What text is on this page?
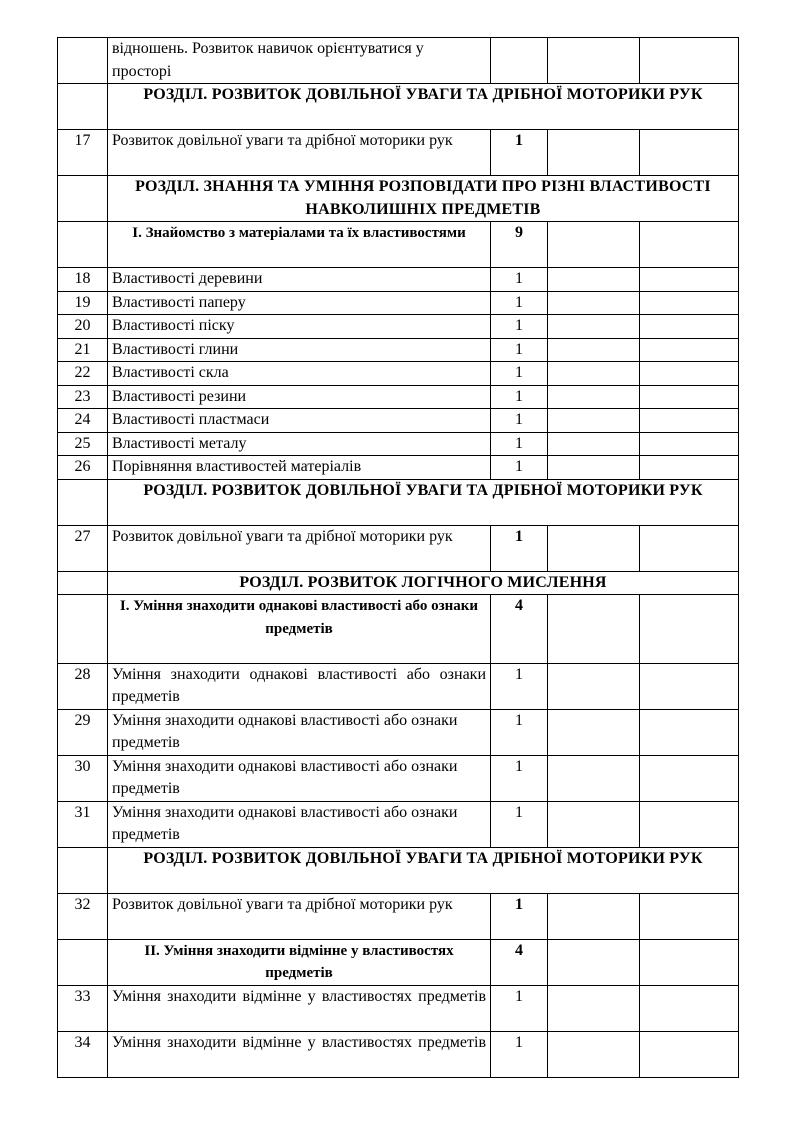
	відношень. Розвиток навичок орієнтуватися у просторі			
	РОЗДІЛ. РОЗВИТОК ДОВІЛЬНОЇ УВАГИ ТА ДРІБНОЇ МОТОРИКИ РУК			
17	Розвиток довільної уваги та дрібної моторики рук	1		
	РОЗДІЛ. ЗНАННЯ ТА УМІННЯ РОЗПОВІДАТИ ПРО РІЗНІ ВЛАСТИВОСТІ НАВКОЛИШНІХ ПРЕДМЕТІВ			
	І. Знайомство з матеріалами та їх властивостями	9		
18	Властивості деревини	1		
19	Властивості паперу	1		
20	Властивості піску	1		
21	Властивості глини	1		
22	Властивості скла	1		
23	Властивості резини	1		
24	Властивості пластмаси	1		
25	Властивості металу	1		
26	Порівняння властивостей матеріалів	1		
	РОЗДІЛ. РОЗВИТОК ДОВІЛЬНОЇ УВАГИ ТА ДРІБНОЇ МОТОРИКИ РУК			
27	Розвиток довільної уваги та дрібної моторики рук	1		
	РОЗДІЛ. РОЗВИТОК ЛОГІЧНОГО МИСЛЕННЯ			
	І. Уміння знаходити однакові властивості або ознаки предметів	4		
28	Уміння знаходити однакові властивості або ознаки предметів	1		
29	Уміння знаходити однакові властивості або ознаки предметів	1		
30	Уміння знаходити однакові властивості або ознаки предметів	1		
31	Уміння знаходити однакові властивості або ознаки предметів	1		
	РОЗДІЛ. РОЗВИТОК ДОВІЛЬНОЇ УВАГИ ТА ДРІБНОЇ МОТОРИКИ РУК			
32	Розвиток довільної уваги та дрібної моторики рук	1		
	ІІ. Уміння знаходити відмінне у властивостях предметів	4		
33	Уміння знаходити відмінне у властивостях предметів	1		
34	Уміння знаходити відмінне у властивостях предметів	1		
